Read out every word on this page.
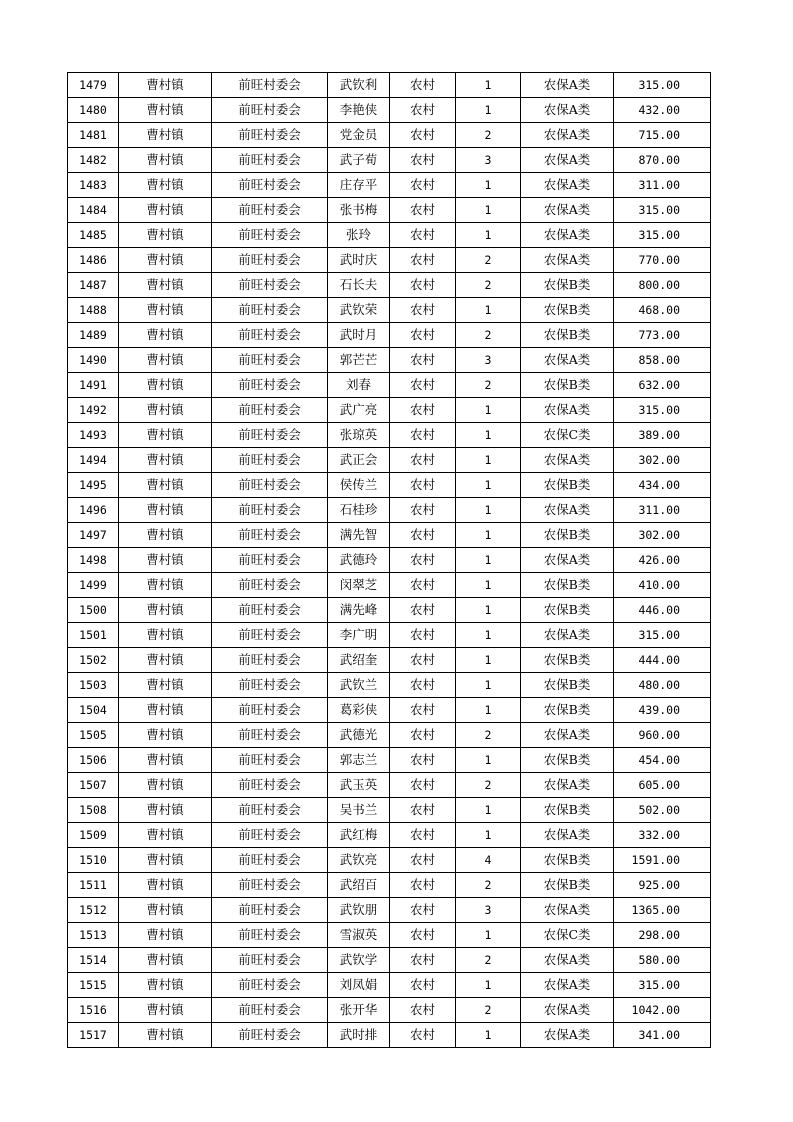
1479	曹村镇	前旺村委会	武钦利	农村	1	农保A类	315.00
1480	曹村镇	前旺村委会	李艳侠	农村	1	农保A类	432.00
1481	曹村镇	前旺村委会	党金员	农村	2	农保A类	715.00
1482	曹村镇	前旺村委会	武子荀	农村	3	农保A类	870.00
1483	曹村镇	前旺村委会	庄存平	农村	1	农保A类	311.00
1484	曹村镇	前旺村委会	张书梅	农村	1	农保A类	315.00
1485	曹村镇	前旺村委会	张玲	农村	1	农保A类	315.00
1486	曹村镇	前旺村委会	武时庆	农村	2	农保A类	770.00
1487	曹村镇	前旺村委会	石长夫	农村	2	农保B类	800.00
1488	曹村镇	前旺村委会	武钦荣	农村	1	农保B类	468.00
1489	曹村镇	前旺村委会	武时月	农村	2	农保B类	773.00
1490	曹村镇	前旺村委会	郭芒芒	农村	3	农保A类	858.00
1491	曹村镇	前旺村委会	刘春	农村	2	农保B类	632.00
1492	曹村镇	前旺村委会	武广亮	农村	1	农保A类	315.00
1493	曹村镇	前旺村委会	张琼英	农村	1	农保C类	389.00
1494	曹村镇	前旺村委会	武正会	农村	1	农保A类	302.00
1495	曹村镇	前旺村委会	侯传兰	农村	1	农保B类	434.00
1496	曹村镇	前旺村委会	石桂珍	农村	1	农保A类	311.00
1497	曹村镇	前旺村委会	满先智	农村	1	农保B类	302.00
1498	曹村镇	前旺村委会	武德玲	农村	1	农保A类	426.00
1499	曹村镇	前旺村委会	闵翠芝	农村	1	农保B类	410.00
1500	曹村镇	前旺村委会	满先峰	农村	1	农保B类	446.00
1501	曹村镇	前旺村委会	李广明	农村	1	农保A类	315.00
1502	曹村镇	前旺村委会	武绍奎	农村	1	农保B类	444.00
1503	曹村镇	前旺村委会	武钦兰	农村	1	农保B类	480.00
1504	曹村镇	前旺村委会	葛彩侠	农村	1	农保B类	439.00
1505	曹村镇	前旺村委会	武德光	农村	2	农保A类	960.00
1506	曹村镇	前旺村委会	郭志兰	农村	1	农保B类	454.00
1507	曹村镇	前旺村委会	武玉英	农村	2	农保A类	605.00
1508	曹村镇	前旺村委会	吴书兰	农村	1	农保B类	502.00
1509	曹村镇	前旺村委会	武红梅	农村	1	农保A类	332.00
1510	曹村镇	前旺村委会	武钦亮	农村	4	农保B类	1591.00
1511	曹村镇	前旺村委会	武绍百	农村	2	农保B类	925.00
1512	曹村镇	前旺村委会	武钦朋	农村	3	农保A类	1365.00
1513	曹村镇	前旺村委会	雪淑英	农村	1	农保C类	298.00
1514	曹村镇	前旺村委会	武钦学	农村	2	农保A类	580.00
1515	曹村镇	前旺村委会	刘凤娟	农村	1	农保A类	315.00
1516	曹村镇	前旺村委会	张开华	农村	2	农保A类	1042.00
1517	曹村镇	前旺村委会	武时排	农村	1	农保A类	341.00
